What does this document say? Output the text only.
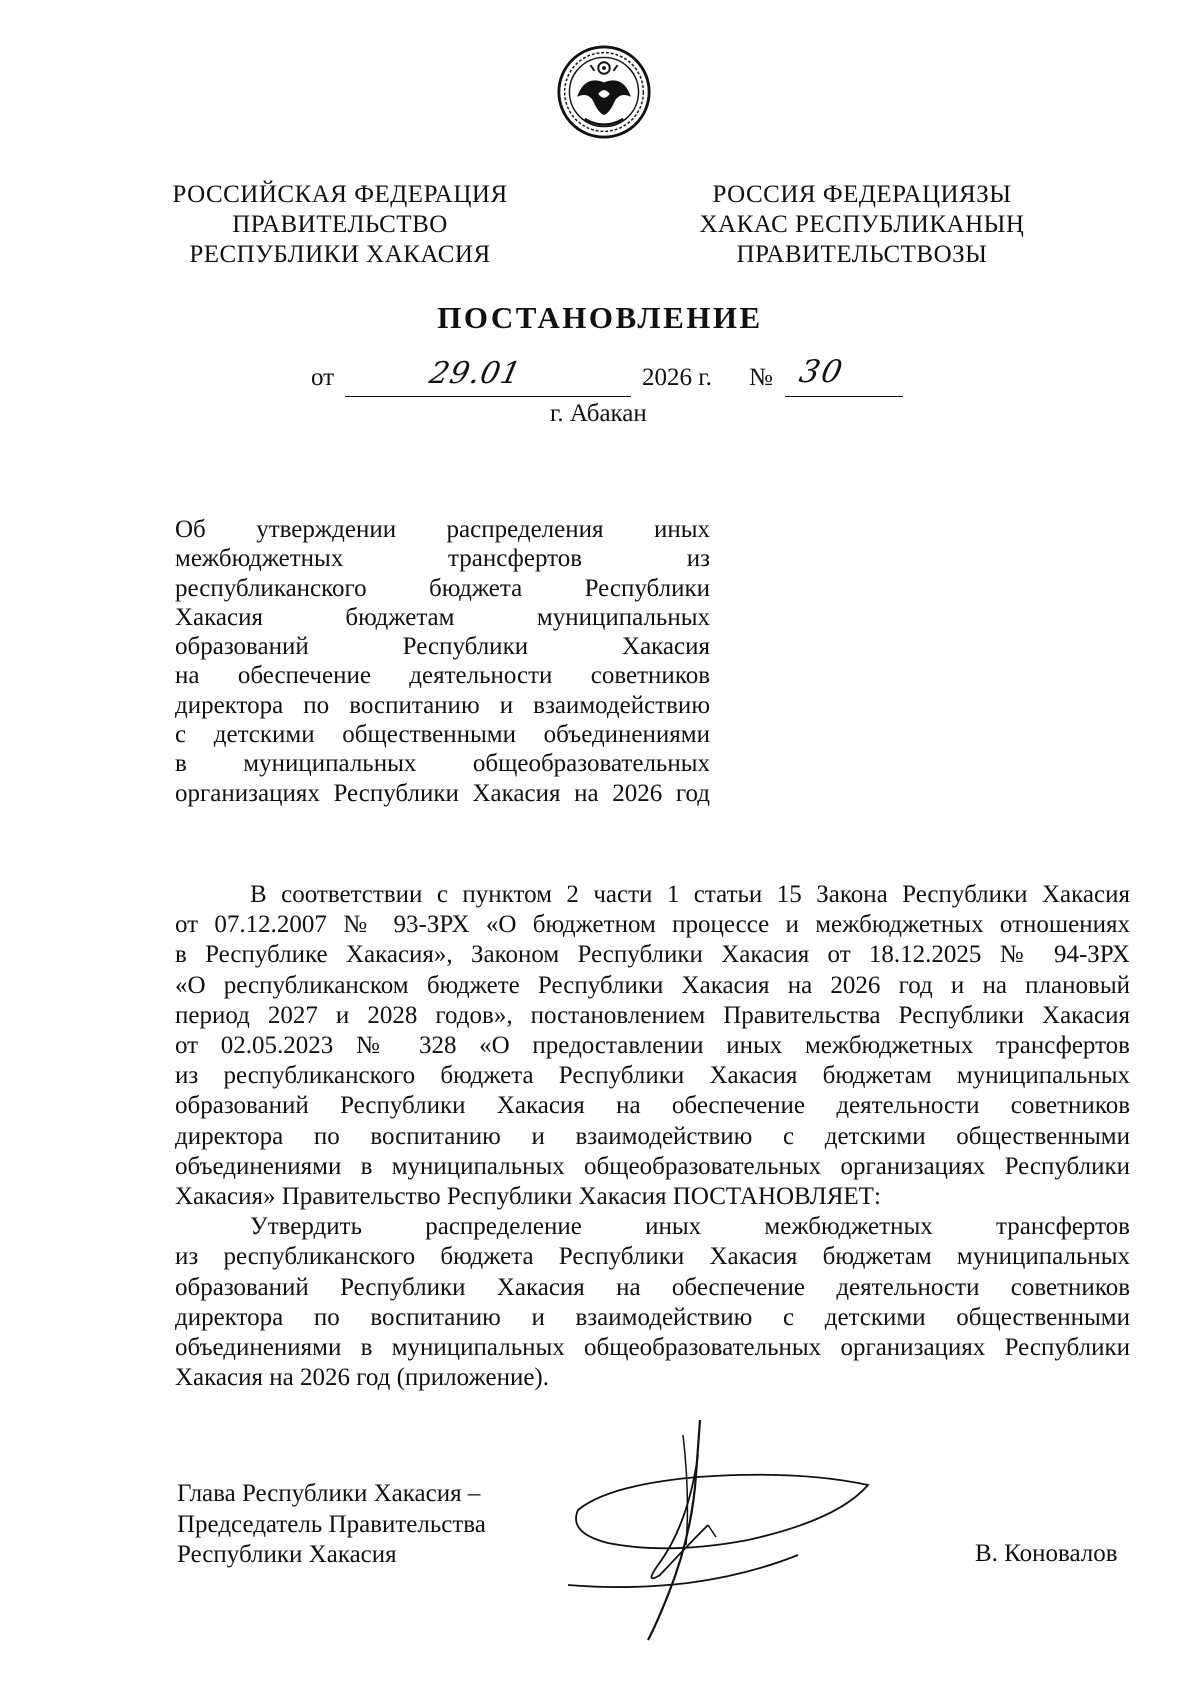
РОССИЙСКАЯ ФЕДЕРАЦИЯ
ПРАВИТЕЛЬСТВО
РЕСПУБЛИКИ ХАКАСИЯ
РОССИЯ ФЕДЕРАЦИЯЗЫ
ХАКАС РЕСПУБЛИКАНЫҢ
ПРАВИТЕЛЬСТВОЗЫ
ПОСТАНОВЛЕНИЕ
от	29.01	2026 г. № 30
г. Абакан
Об утверждении распределения иных
межбюджетных трансфертов из
республиканского бюджета Республики
Хакасия бюджетам муниципальных
образований Республики Хакасия
на обеспечение деятельности советников
директора по воспитанию и взаимодействию
с детскими общественными объединениями
в муниципальных общеобразовательных
организациях Республики Хакасия на 2026 год
В соответствии с пунктом 2 части 1 статьи 15 Закона Республики Хакасия
от 07.12.2007 № 93-ЗРХ «О бюджетном процессе и межбюджетных отношениях
в Республике Хакасия», Законом Республики Хакасия от 18.12.2025 № 94-ЗРХ
«О республиканском бюджете Республики Хакасия на 2026 год и на плановый
период 2027 и 2028 годов», постановлением Правительства Республики Хакасия
от 02.05.2023 № 328 «О предоставлении иных межбюджетных трансфертов
из республиканского бюджета Республики Хакасия бюджетам муниципальных
образований Республики Хакасия на обеспечение деятельности советников
директора по воспитанию и взаимодействию с детскими общественными
объединениями в муниципальных общеобразовательных организациях Республики
Хакасия» Правительство Республики Хакасия ПОСТАНОВЛЯЕТ:
Утвердить распределение иных межбюджетных трансфертов
из республиканского бюджета Республики Хакасия бюджетам муниципальных
образований Республики Хакасия на обеспечение деятельности советников
директора по воспитанию и взаимодействию с детскими общественными
объединениями в муниципальных общеобразовательных организациях Республики
Хакасия на 2026 год (приложение).
Глава Республики Хакасия –
Председатель Правительства
Республики Хакасия	В. Коновалов
